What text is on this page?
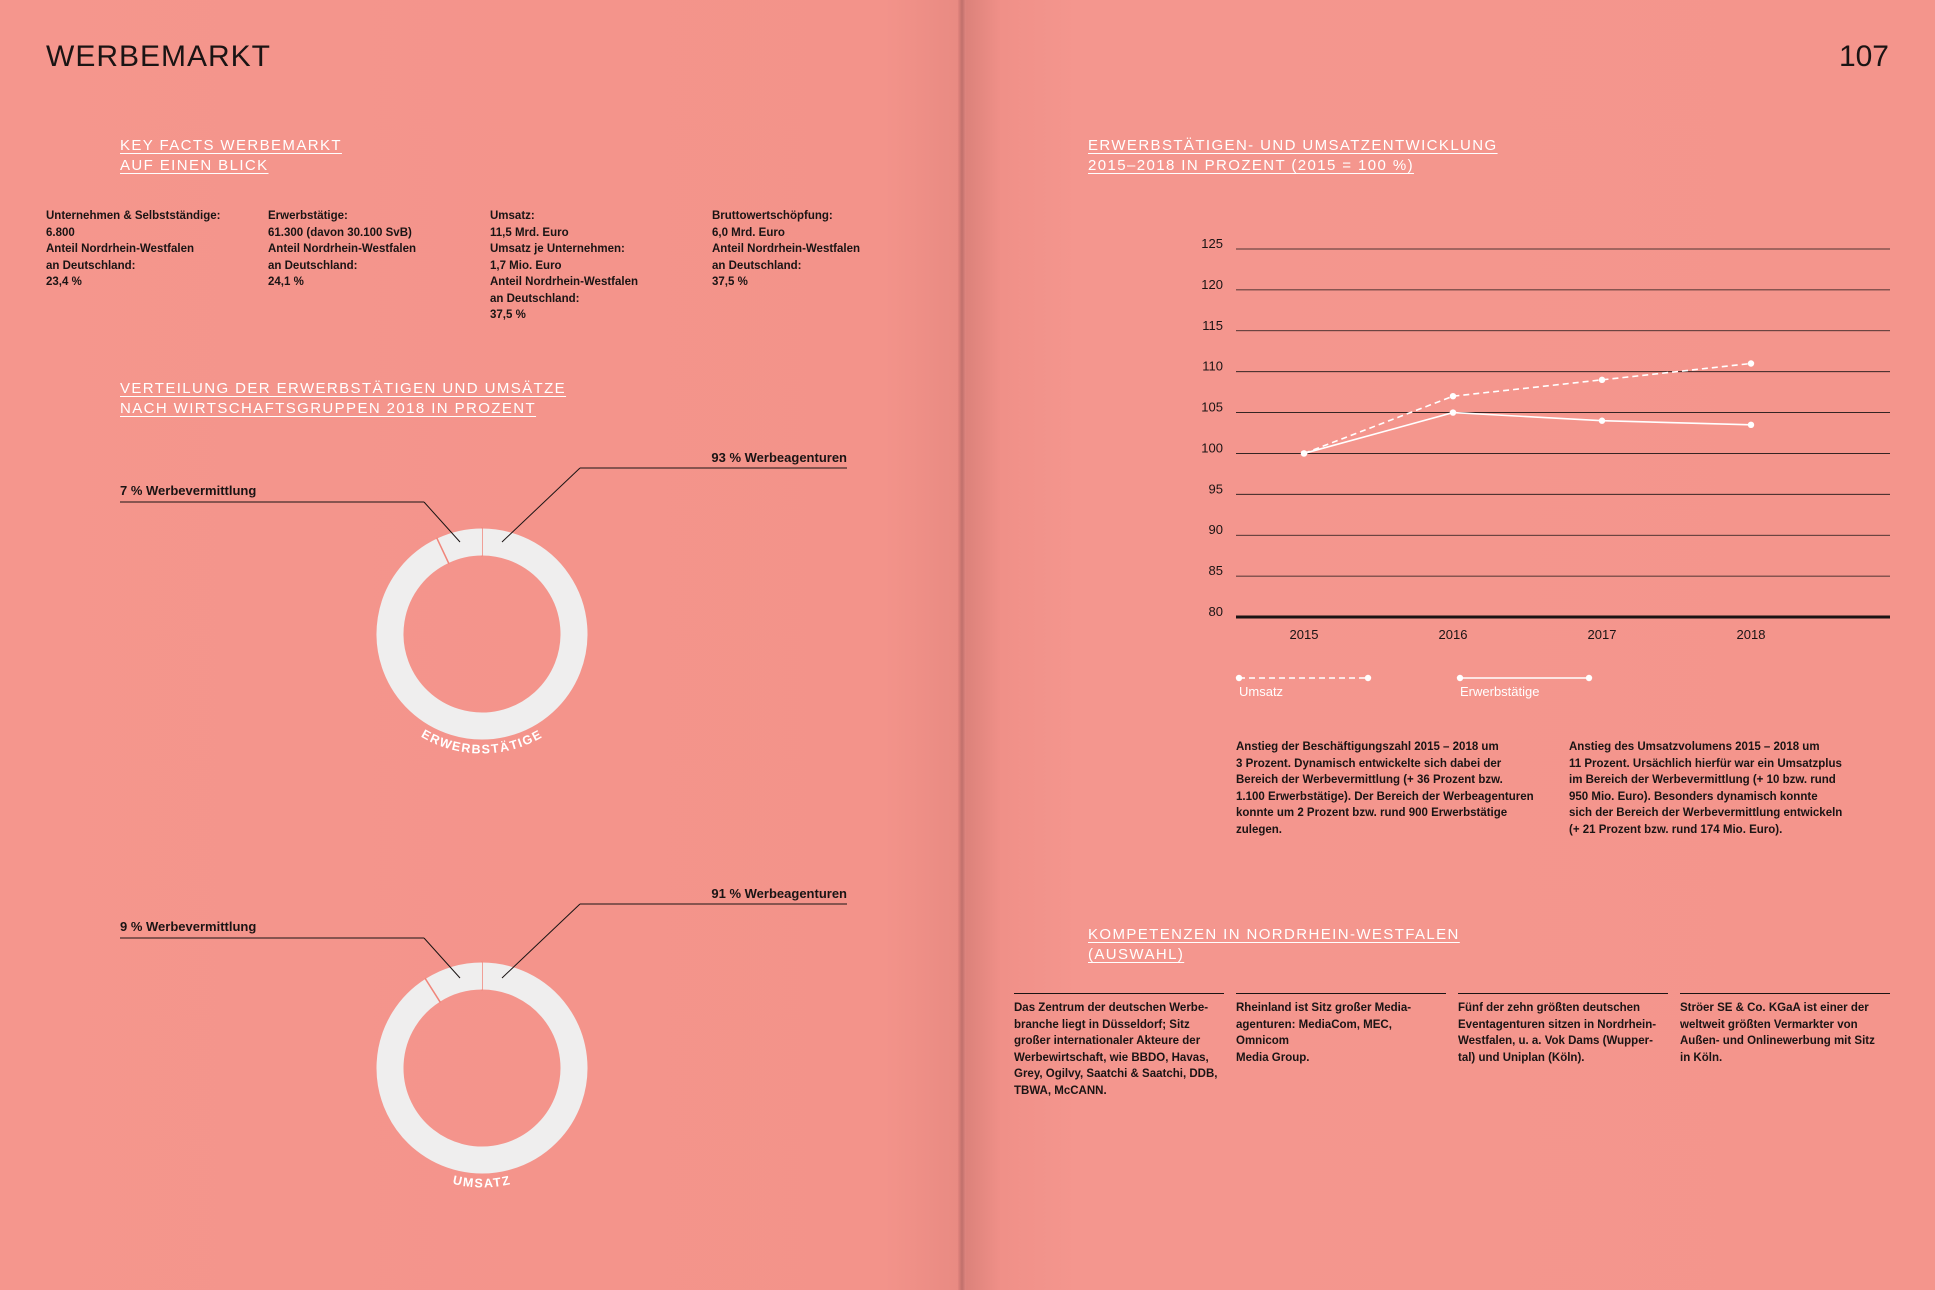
WERBEMARKT
KEY FACTS WERBEMARKT
AUF EINEN BLICK
Unternehmen & Selbstständige:
6.800
Anteil Nordrhein-Westfalen
an Deutschland:
23,4 %
Erwerbstätige:
61.300 (davon 30.100 SvB)
Anteil Nordrhein-Westfalen
an Deutschland:
24,1 %
Umsatz:
11,5 Mrd. Euro
Umsatz je Unternehmen:
1,7 Mio. Euro
Anteil Nordrhein-Westfalen
an Deutschland:
37,5 %
Bruttowertschöpfung:
6,0 Mrd. Euro
Anteil Nordrhein-Westfalen
an Deutschland:
37,5 %
VERTEILUNG DER ERWERBSTÄTIGEN UND UMSÄTZE
NACH WIRTSCHAFTSGRUPPEN 2018 IN PROZENT
ERWERBSTÄTIGE
93 % Werbeagenturen
7 % Werbevermittlung
UMSATZ
91 % Werbeagenturen
9 % Werbevermittlung
107
ERWERBSTÄTIGEN- UND UMSATZENTWICKLUNG
2015–2018 IN PROZENT (2015 = 100 %)
125
120
115
110
105
100
95
90
85
80
2015	2016	2017	2018
Umsatz	Erwerbstätige
Anstieg der Beschäftigungszahl 2015 – 2018 um
3 Prozent. Dynamisch entwickelte sich dabei der
Bereich der Werbevermittlung (+ 36 Prozent bzw.
1.100 Erwerbstätige). Der Bereich der Werbeagenturen
konnte um 2 Prozent bzw. rund 900 Erwerbstätige
zulegen.
Anstieg des Umsatzvolumens 2015 – 2018 um
11 Prozent. Ursächlich hierfür war ein Umsatzplus
im Bereich der Werbevermittlung (+ 10 bzw. rund
950 Mio. Euro). Besonders dynamisch konnte
sich der Bereich der Werbevermittlung entwickeln
(+ 21 Prozent bzw. rund 174 Mio. Euro).
KOMPETENZEN IN NORDRHEIN-WESTFALEN
(AUSWAHL)
Das Zentrum der deutschen Werbe-
branche liegt in Düsseldorf; Sitz
großer internationaler Akteure der
Werbewirtschaft, wie BBDO, Havas,
Grey, Ogilvy, Saatchi & Saatchi, DDB,
TBWA, McCANN.
Rheinland ist Sitz großer Media-
agenturen: MediaCom, MEC, Omnicom
Media Group.
Fünf der zehn größten deutschen
Eventagenturen sitzen in Nordrhein-
Westfalen, u. a. Vok Dams (Wupper-
tal) und Uniplan (Köln).
Ströer SE & Co. KGaA ist einer der
weltweit größten Vermarkter von
Außen- und Onlinewerbung mit Sitz
in Köln.
